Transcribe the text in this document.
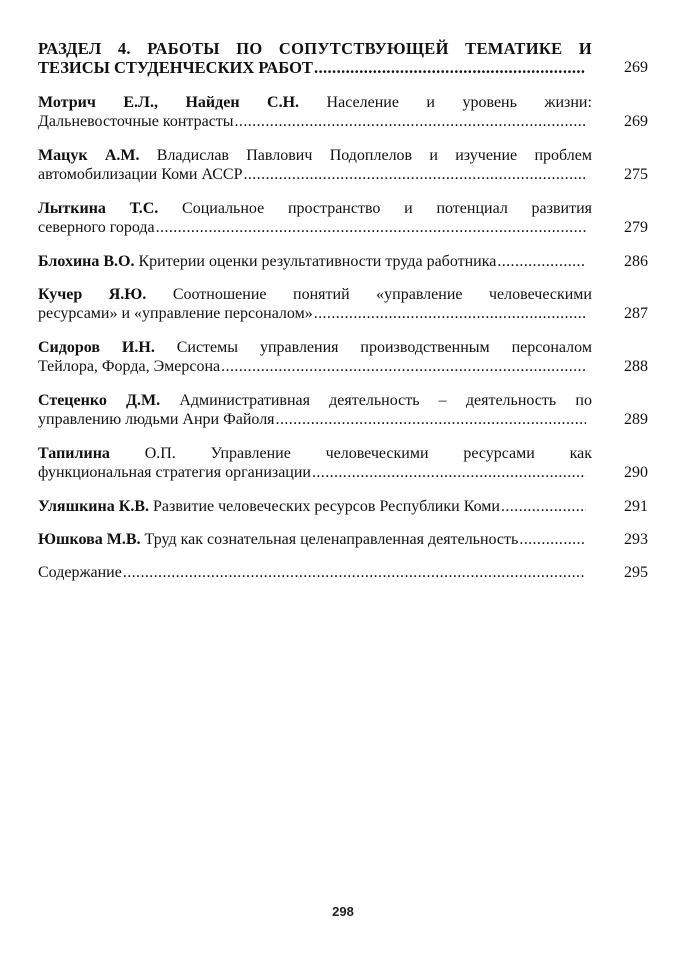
РАЗДЕЛ 4. РАБОТЫ ПО СОПУТСТВУЮЩЕЙ ТЕМАТИКЕ И
ТЕЗИСЫ СТУДЕНЧЕСКИХ РАБОТ .....	269
Мотрич Е.Л., Найден С.Н. Население и уровень жизни:
Дальневосточные контрасты .....	269
Мацук А.М. Владислав Павлович Подоплелов и изучение проблем
автомобилизации Коми АССР .....	275
Лыткина Т.С. Социальное пространство и потенциал развития
северного города .....	279
Блохина В.О. Критерии оценки результативности труда работника .....	286
Кучер Я.Ю. Соотношение понятий «управление человеческими
ресурсами» и «управление персоналом» .....	287
Сидоров И.Н. Системы управления производственным персоналом
Тейлора, Форда, Эмерсона .....	288
Стеценко Д.М. Административная деятельность – деятельность по
управлению людьми Анри Файоля .....	289
Тапилина О.П. Управление человеческими ресурсами как
функциональная стратегия организации .....	290
Уляшкина К.В. Развитие человеческих ресурсов Республики Коми .....	291
Юшкова М.В. Труд как сознательная целенаправленная деятельность .....	293
Содержание .....	295
298
